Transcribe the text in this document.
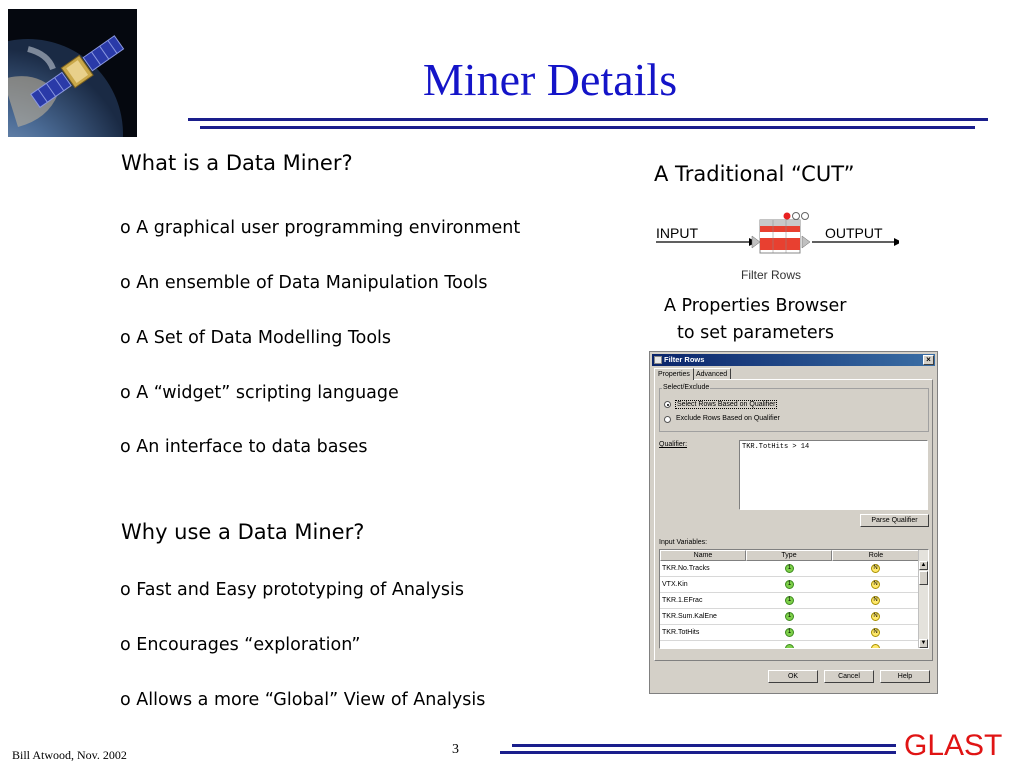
Miner Details
What is a Data Miner?
o A graphical user programming environment
o An ensemble of Data Manipulation Tools
o A Set of Data Modelling Tools
o A “widget” scripting language
o An interface to data bases
Why use a Data Miner?
o Fast and Easy prototyping of Analysis
o Encourages “exploration”
o Allows a more “Global” View of Analysis
A Traditional “CUT”
INPUT	OUTPUT
Filter Rows
A Properties Browser
to set parameters
Filter Rows	×
Properties Advanced
Select/Exclude
Select Rows Based on Qualifier
Exclude Rows Based on Qualifier
Qualifier:	TKR.TotHits > 14
Parse Qualifier
Input Variables:
Name	Type	Role
TKR.No.Tracks	1	N
VTX.Kin	1	N
TKR.1.EFrac	1	N
TKR.Sum.KalEne	1	N
TKR.TotHits	1	N
▲
▼
OK	Cancel	Help
Bill Atwood, Nov. 2002	3	GLAST
